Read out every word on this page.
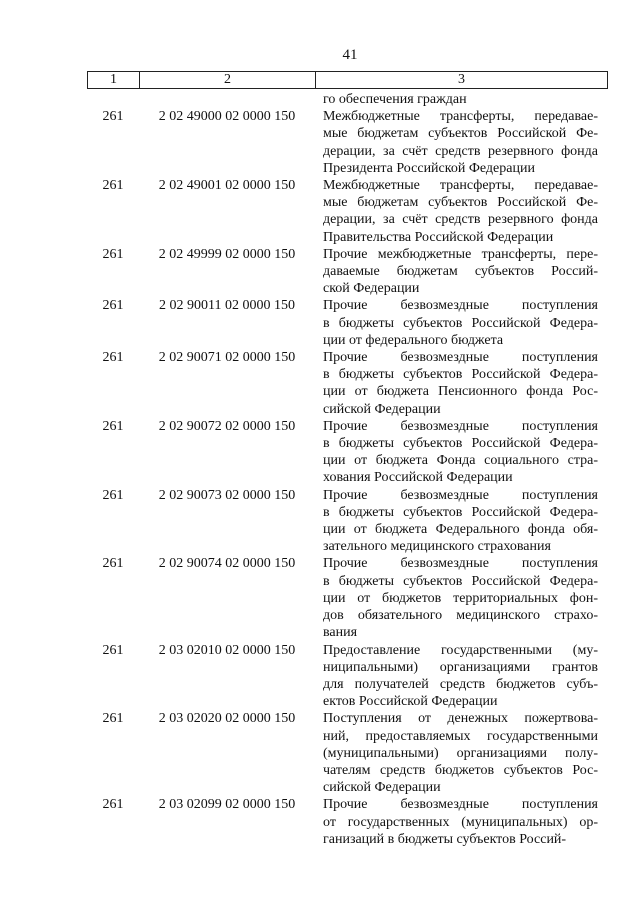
41
1	2	3
го обеспечения граждан
261	2 02 49000 02 0000 150	Межбюджетные трансферты, передавае-
мые бюджетам субъектов Российской Фе-
дерации, за счёт средств резервного фонда
Президента Российской Федерации
261	2 02 49001 02 0000 150	Межбюджетные трансферты, передавае-
мые бюджетам субъектов Российской Фе-
дерации, за счёт средств резервного фонда
Правительства Российской Федерации
261	2 02 49999 02 0000 150	Прочие межбюджетные трансферты, пере-
даваемые бюджетам субъектов Россий-
ской Федерации
261	2 02 90011 02 0000 150	Прочие безвозмездные поступления
в бюджеты субъектов Российской Федера-
ции от федерального бюджета
261	2 02 90071 02 0000 150	Прочие безвозмездные поступления
в бюджеты субъектов Российской Федера-
ции от бюджета Пенсионного фонда Рос-
сийской Федерации
261	2 02 90072 02 0000 150	Прочие безвозмездные поступления
в бюджеты субъектов Российской Федера-
ции от бюджета Фонда социального стра-
хования Российской Федерации
261	2 02 90073 02 0000 150	Прочие безвозмездные поступления
в бюджеты субъектов Российской Федера-
ции от бюджета Федерального фонда обя-
зательного медицинского страхования
261	2 02 90074 02 0000 150	Прочие безвозмездные поступления
в бюджеты субъектов Российской Федера-
ции от бюджетов территориальных фон-
дов обязательного медицинского страхо-
вания
261	2 03 02010 02 0000 150	Предоставление государственными (му-
ниципальными) организациями грантов
для получателей средств бюджетов субъ-
ектов Российской Федерации
261	2 03 02020 02 0000 150	Поступления от денежных пожертвова-
ний, предоставляемых государственными
(муниципальными) организациями полу-
чателям средств бюджетов субъектов Рос-
сийской Федерации
261	2 03 02099 02 0000 150	Прочие безвозмездные поступления
от государственных (муниципальных) ор-
ганизаций в бюджеты субъектов Россий-
